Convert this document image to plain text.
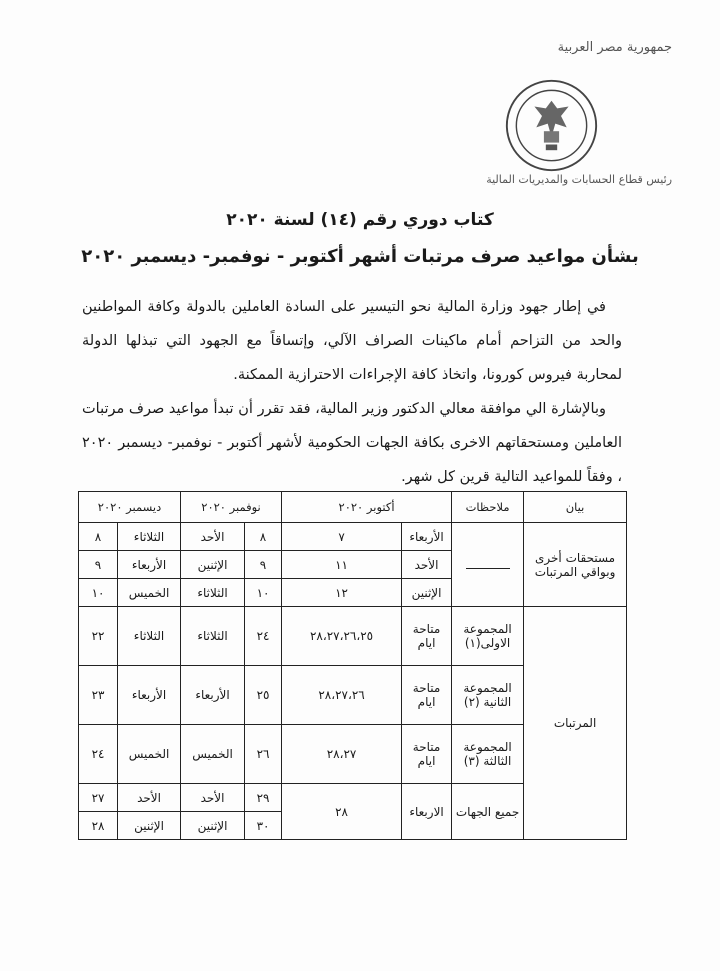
جمهورية مصر العربية
رئيس قطاع الحسابات والمديريات المالية
كتاب دوري رقم (١٤) لسنة ٢٠٢٠
بشأن مواعيد صرف مرتبات أشهر أكتوبر - نوفمبر- ديسمبر ٢٠٢٠
في إطار جهود وزارة المالية نحو التيسير على السادة العاملين بالدولة وكافة المواطنين والحد من التزاحم أمام ماكينات الصراف الآلي، وإتساقاً مع الجهود التي تبذلها الدولة لمحاربة فيروس كورونا، واتخاذ كافة الإجراءات الاحترازية الممكنة.
وبالإشارة الي موافقة معالي الدكتور وزير المالية، فقد تقرر أن تبدأ مواعيد صرف مرتبات العاملين ومستحقاتهم الاخرى بكافة الجهات الحكومية لأشهر أكتوبر - نوفمبر- ديسمبر ٢٠٢٠ ، وفقاً للمواعيد التالية قرين كل شهر.
بيان	ملاحظات	أكتوبر ٢٠٢٠		نوفمبر ٢٠٢٠		ديسمبر ٢٠٢٠	
مستحقات أخرى وبواقي المرتبات		الأربعاء	٧	٨	الأحد	الثلاثاء	٨
		الأحد	١١	٩	الإثنين	الأربعاء	٩
		الإثنين	١٢	١٠	الثلاثاء	الخميس	١٠
المرتبات	المجموعة الاولى(١)	متاحة ايام	٢٨،٢٧،٢٦،٢٥	٢٤	الثلاثاء	الثلاثاء	٢٢
	المجموعة الثانية (٢)	متاحة ايام	٢٨،٢٧،٢٦	٢٥	الأربعاء	الأربعاء	٢٣
	المجموعة الثالثة (٣)	متاحة ايام	٢٨،٢٧	٢٦	الخميس	الخميس	٢٤
	جميع الجهات	الاربعاء	٢٨	٢٩	الأحد	الأحد	٢٧
				٣٠	الإثنين	الإثنين	٢٨
